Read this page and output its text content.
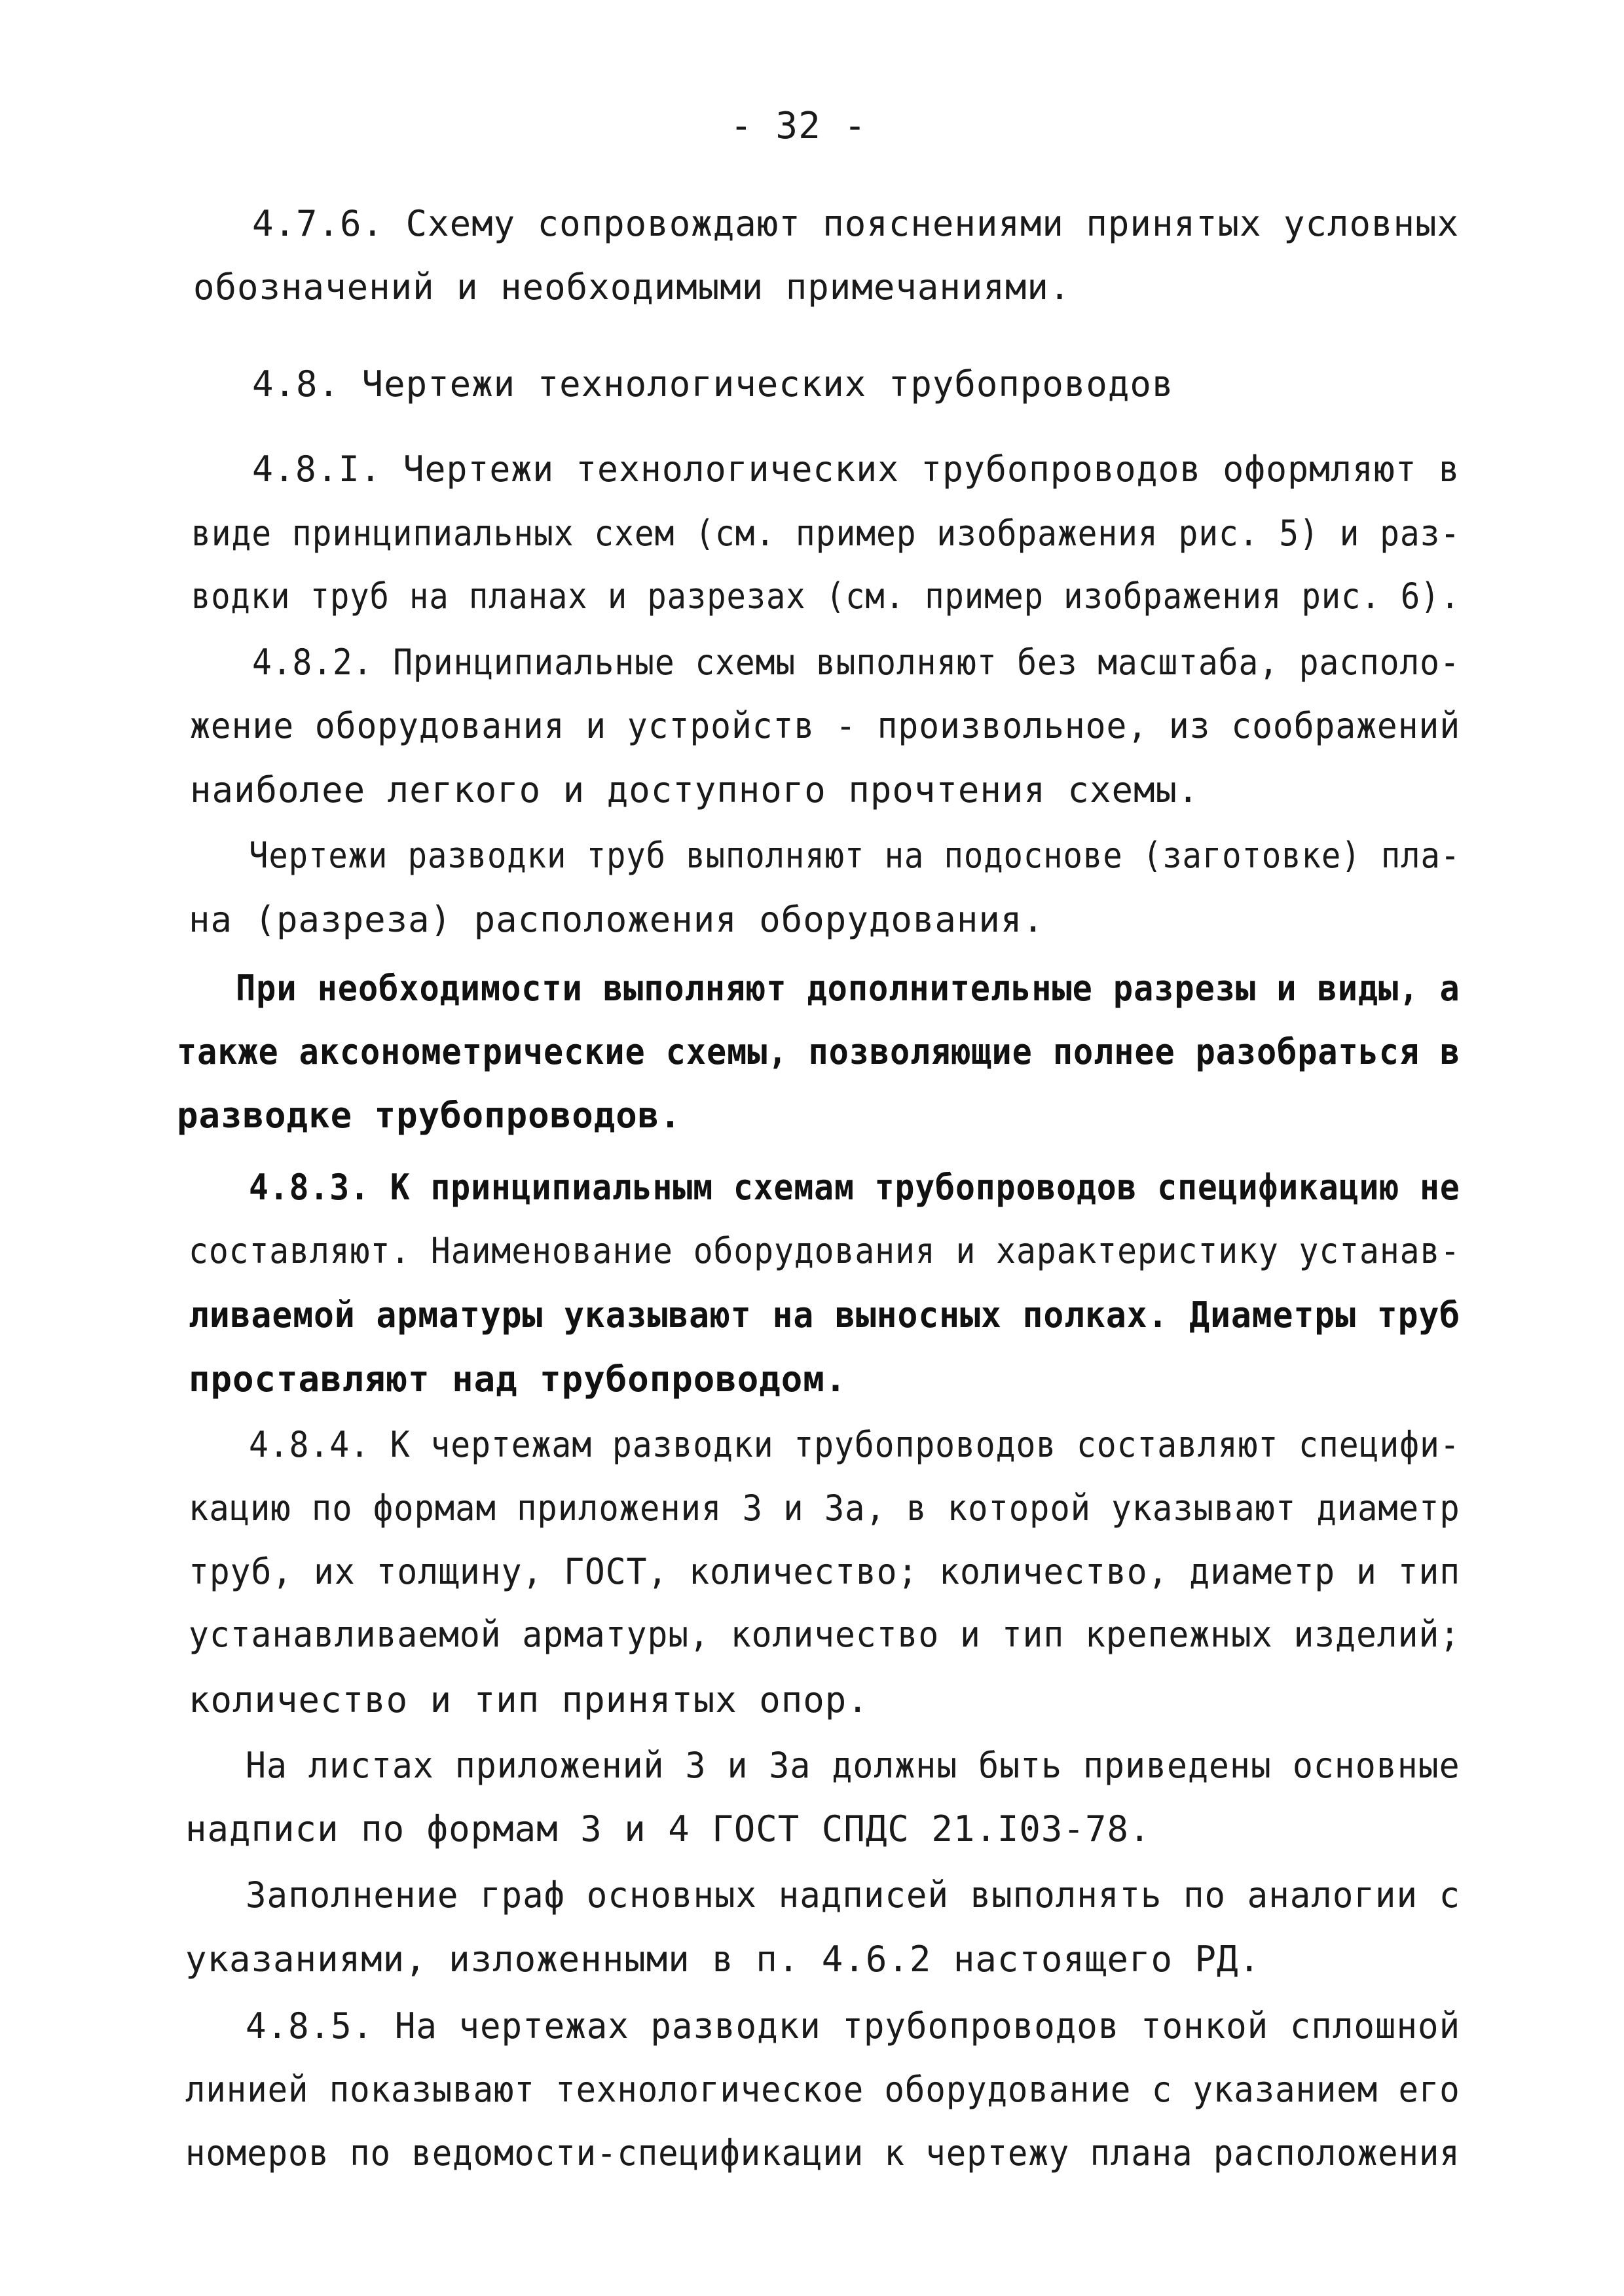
- 32 -
4.7.6. Схему сопровождают пояснениями принятых условных
обозначений и необходимыми примечаниями.
4.8. Чертежи технологических трубопроводов
4.8.I. Чертежи технологических трубопроводов оформляют в
виде принципиальных схем (см. пример изображения рис. 5) и раз-
водки труб на планах и разрезах (см. пример изображения рис. 6).
4.8.2. Принципиальные схемы выполняют без масштаба, располо-
жение оборудования и устройств - произвольное, из соображений
наиболее легкого и доступного прочтения схемы.
Чертежи разводки труб выполняют на подоснове (заготовке) пла-
на (разреза) расположения оборудования.
При необходимости выполняют дополнительные разрезы и виды, а
также аксонометрические схемы, позволяющие полнее разобраться в
разводке трубопроводов.
4.8.3. К принципиальным схемам трубопроводов спецификацию не
составляют. Наименование оборудования и характеристику устанав-
ливаемой арматуры указывают на выносных полках. Диаметры труб
проставляют над трубопроводом.
4.8.4. К чертежам разводки трубопроводов составляют специфи-
кацию по формам приложения 3 и 3а, в которой указывают диаметр
труб, их толщину, ГОСТ, количество; количество, диаметр и тип
устанавливаемой арматуры, количество и тип крепежных изделий;
количество и тип принятых опор.
На листах приложений 3 и 3а должны быть приведены основные
надписи по формам 3 и 4 ГОСТ СПДС 21.I03-78.
Заполнение граф основных надписей выполнять по аналогии с
указаниями, изложенными в п. 4.6.2 настоящего РД.
4.8.5. На чертежах разводки трубопроводов тонкой сплошной
линией показывают технологическое оборудование с указанием его
номеров по ведомости-спецификации к чертежу плана расположения
